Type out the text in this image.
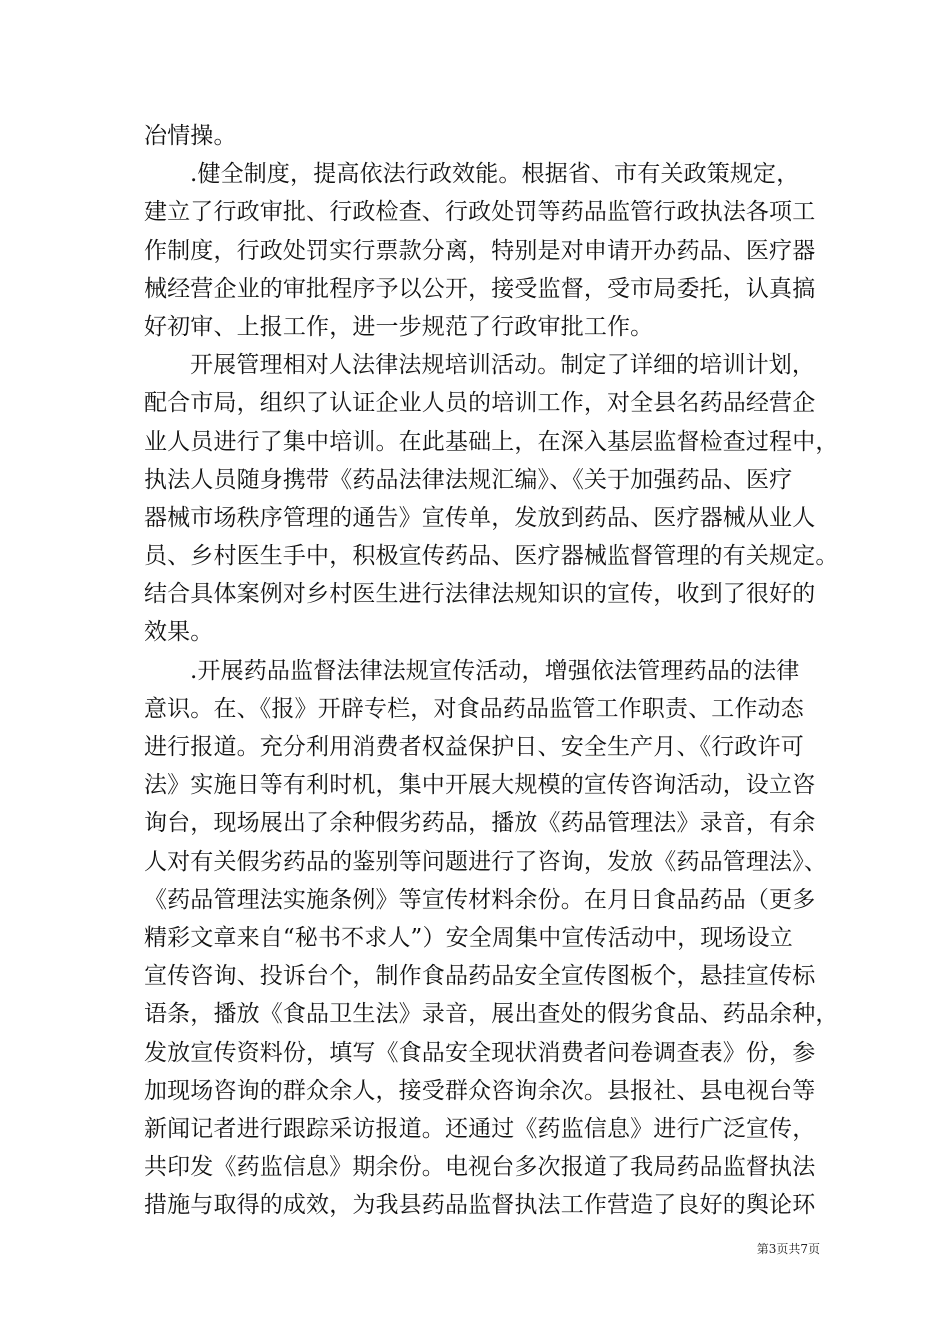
冶情操。
.健全制度，提高依法行政效能。根据省、市有关政策规定，
建立了行政审批、行政检查、行政处罚等药品监管行政执法各项工
作制度，行政处罚实行票款分离，特别是对申请开办药品、医疗器
械经营企业的审批程序予以公开，接受监督，受市局委托，认真搞
好初审、上报工作，进一步规范了行政审批工作。
开展管理相对人法律法规培训活动。制定了详细的培训计划，
配合市局，组织了认证企业人员的培训工作，对全县名药品经营企
业人员进行了集中培训。在此基础上，在深入基层监督检查过程中，
执法人员随身携带《药品法律法规汇编》、《关于加强药品、医疗
器械市场秩序管理的通告》宣传单，发放到药品、医疗器械从业人
员、乡村医生手中，积极宣传药品、医疗器械监督管理的有关规定。
结合具体案例对乡村医生进行法律法规知识的宣传，收到了很好的
效果。
.开展药品监督法律法规宣传活动，增强依法管理药品的法律
意识。在、《报》开辟专栏，对食品药品监管工作职责、工作动态
进行报道。充分利用消费者权益保护日、安全生产月、《行政许可
法》实施日等有利时机，集中开展大规模的宣传咨询活动，设立咨
询台，现场展出了余种假劣药品，播放《药品管理法》录音，有余
人对有关假劣药品的鉴别等问题进行了咨询，发放《药品管理法》、
《药品管理法实施条例》等宣传材料余份。在月日食品药品（更多
精彩文章来自“秘书不求人”）安全周集中宣传活动中，现场设立
宣传咨询、投诉台个，制作食品药品安全宣传图板个，悬挂宣传标
语条，播放《食品卫生法》录音，展出查处的假劣食品、药品余种，
发放宣传资料份，填写《食品安全现状消费者问卷调查表》份，参
加现场咨询的群众余人，接受群众咨询余次。县报社、县电视台等
新闻记者进行跟踪采访报道。还通过《药监信息》进行广泛宣传，
共印发《药监信息》期余份。电视台多次报道了我局药品监督执法
措施与取得的成效，为我县药品监督执法工作营造了良好的舆论环
第3页共7页
